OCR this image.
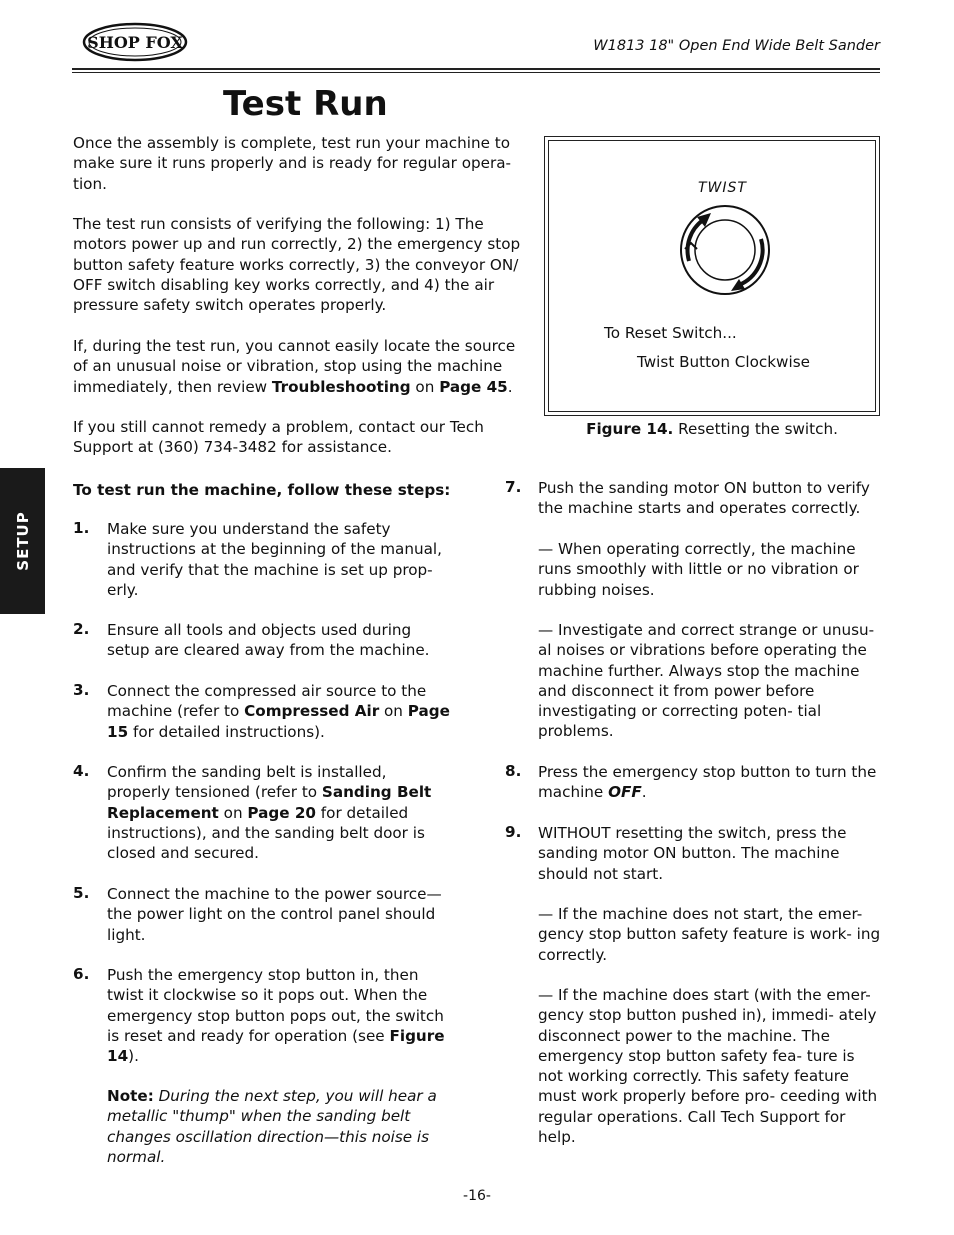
SHOP FOX	W1813 18" Open End Wide Belt Sander
Test Run

Once the assembly is complete, test run your machine to make sure it runs properly and is ready for regular opera- tion.

The test run consists of verifying the following: 1) The motors power up and run correctly, 2) the emergency stop button safety feature works correctly, 3) the conveyor ON/ OFF switch disabling key works correctly, and 4) the air pressure safety switch operates properly.

If, during the test run, you cannot easily locate the source of an unusual noise or vibration, stop using the machine immediately, then review Troubleshooting on Page 45.

If you still cannot remedy a problem, contact our Tech Support at (360) 734-3482 for assistance.

TWIST
To Reset Switch...
Twist Button Clockwise
Figure 14. Resetting the switch.
SETUP
To test run the machine, follow these steps:
1. Make sure you understand the safety instructions at the beginning of the manual, and verify that the machine is set up prop- erly.
2. Ensure all tools and objects used during setup are cleared away from the machine.
3. Connect the compressed air source to the machine (refer to Compressed Air on Page 15 for detailed instructions).
4. Confirm the sanding belt is installed, properly tensioned (refer to Sanding Belt Replacement on Page 20 for detailed instructions), and the sanding belt door is closed and secured.
5. Connect the machine to the power source—the power light on the control panel should light.
6. Push the emergency stop button in, then twist it clockwise so it pops out. When the emergency stop button pops out, the switch is reset and ready for operation (see Figure 14).
Note: During the next step, you will hear a metallic "thump" when the sanding belt changes oscillation direction—this noise is normal.
7. Push the sanding motor ON button to verify the machine starts and operates correctly.
— When operating correctly, the machine runs smoothly with little or no vibration or rubbing noises.
— Investigate and correct strange or unusu- al noises or vibrations before operating the machine further. Always stop the machine and disconnect it from power before investigating or correcting poten- tial problems.
8. Press the emergency stop button to turn the machine OFF.
9. WITHOUT resetting the switch, press the sanding motor ON button. The machine should not start.
— If the machine does not start, the emer- gency stop button safety feature is work- ing correctly.
— If the machine does start (with the emer- gency stop button pushed in), immedi- ately disconnect power to the machine. The emergency stop button safety fea- ture is not working correctly. This safety feature must work properly before pro- ceeding with regular operations. Call Tech Support for help.
-16-
